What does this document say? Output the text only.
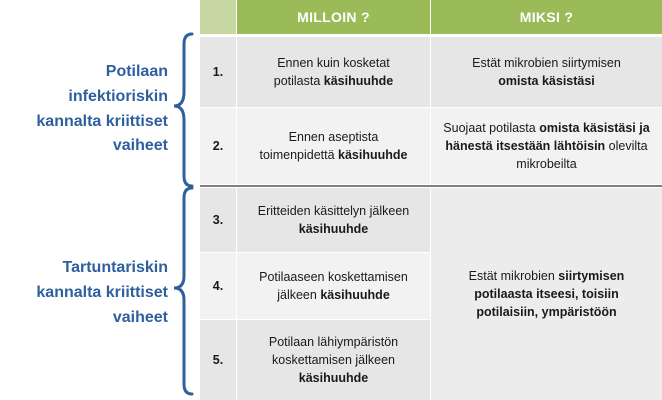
MILLOIN ?	MIKSI ?
1.
Ennen kuin kosketat potilasta käsihuuhde
Estät mikrobien siirtymisen omista käsistäsi
2.
Ennen aseptista toimenpidettä käsihuuhde
Suojaat potilasta omista käsistäsi ja hänestä itsestään lähtöisin olevilta mikrobeilta
3.
Eritteiden käsittelyn jälkeen käsihuuhde
4.
Potilaaseen koskettamisen jälkeen käsihuuhde
5.
Potilaan lähiympäristön koskettamisen jälkeen käsihuuhde
Estät mikrobien siirtymisen potilaasta itseesi, toisiin potilaisiin, ympäristöön
Potilaan
infektioriskin
kannalta kriittiset
vaiheet
Tartuntariskin
kannalta kriittiset
vaiheet
